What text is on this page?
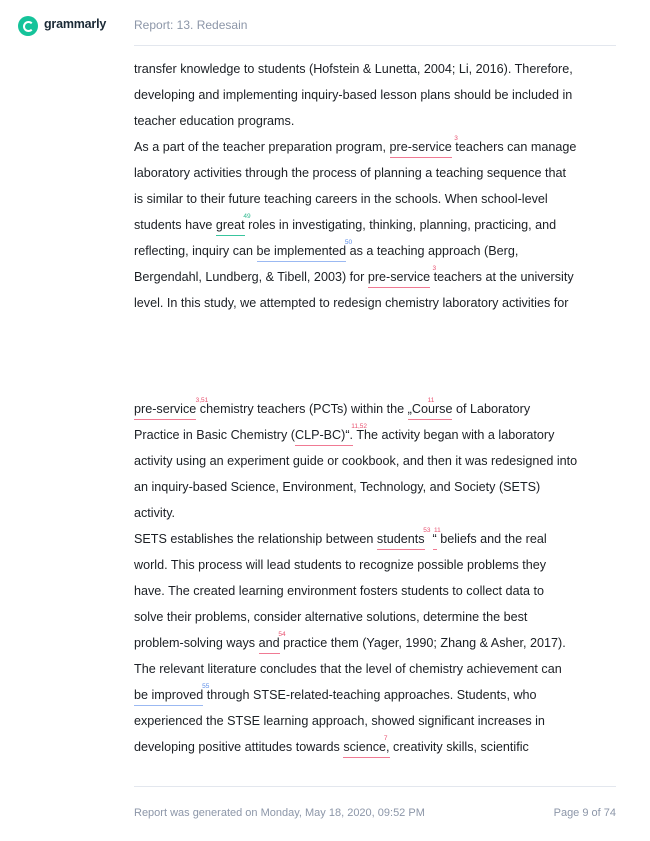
grammarly Report: 13. Redesain
transfer knowledge to students (Hofstein & Lunetta, 2004; Li, 2016). Therefore,
developing and implementing inquiry-based lesson plans should be included in
teacher education programs.
As a part of the teacher preparation program, pre-service
3
teachers can manage
laboratory activities through the process of planning a teaching sequence that
is similar to their future teaching careers in the schools. When school-level
students have great
49
roles in investigating, thinking, planning, practicing, and
reflecting, inquiry can be implemented
50
as a teaching approach (Berg,
Bergendahl, Lundberg, & Tibell, 2003) for pre-service
3
teachers at the university
level. In this study, we attempted to redesign chemistry laboratory activities for
pre-service
3,51
chemistry teachers (PCTs) within the „Course
11
of Laboratory
Practice in Basic Chemistry (CLP-BC)“.
11,52
The activity began with a laboratory
activity using an experiment guide or cookbook, and then it was redesigned into
an inquiry-based Science, Environment, Technology, and Society (SETS)
activity.
SETS establishes the relationship between students
53
“
11
beliefs and the real
world. This process will lead students to recognize possible problems they
have. The created learning environment fosters students to collect data to
solve their problems, consider alternative solutions, determine the best
problem-solving ways and
54
practice them (Yager, 1990; Zhang & Asher, 2017).
The relevant literature concludes that the level of chemistry achievement can
be improved
55
through STSE-related-teaching approaches. Students, who
experienced the STSE learning approach, showed significant increases in
developing positive attitudes towards science,
7
creativity skills, scientific
Report was generated on Monday, May 18, 2020, 09:52 PM	Page 9 of 74
